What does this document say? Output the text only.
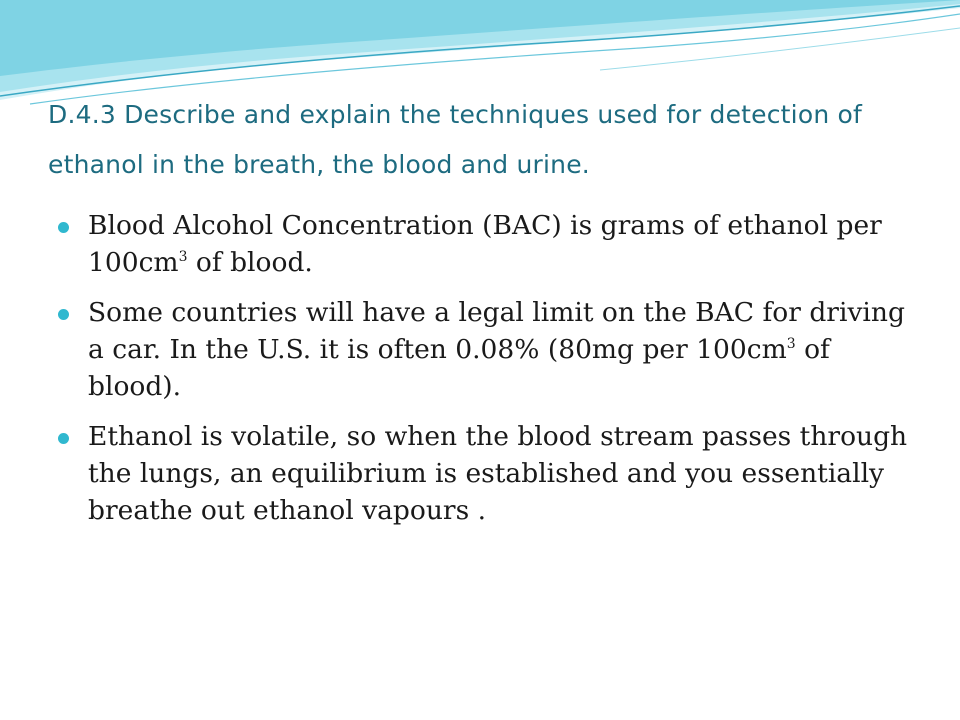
D.4.3 Describe and explain the techniques used for detection of ethanol in the breath, the blood and urine.
Blood Alcohol Concentration (BAC) is grams of ethanol per $100cm^3$ of blood.
Some countries will have a legal limit on the BAC for driving a car. In the U.S. it is often 0.08% (80mg per $100cm^3$ of blood).
Ethanol is volatile, so when the blood stream passes through the lungs, an equilibrium is established and you essentially breathe out ethanol vapours .
